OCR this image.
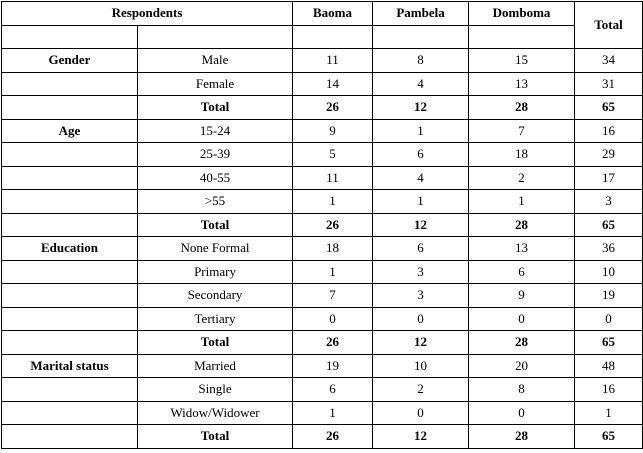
Respondents		Baoma	Pambela	Domboma	Total

Gender	Male	11	8	15	34
	Female	14	4	13	31
	Total	26	12	28	65
Age	15-24	9	1	7	16
	25-39	5	6	18	29
	40-55	11	4	2	17
	>55	1	1	1	3
	Total	26	12	28	65
Education	None Formal	18	6	13	36
	Primary	1	3	6	10
	Secondary	7	3	9	19
	Tertiary	0	0	0	0
	Total	26	12	28	65
Marital status	Married	19	10	20	48
	Single	6	2	8	16
	Widow/Widower	1	0	0	1
	Total	26	12	28	65
